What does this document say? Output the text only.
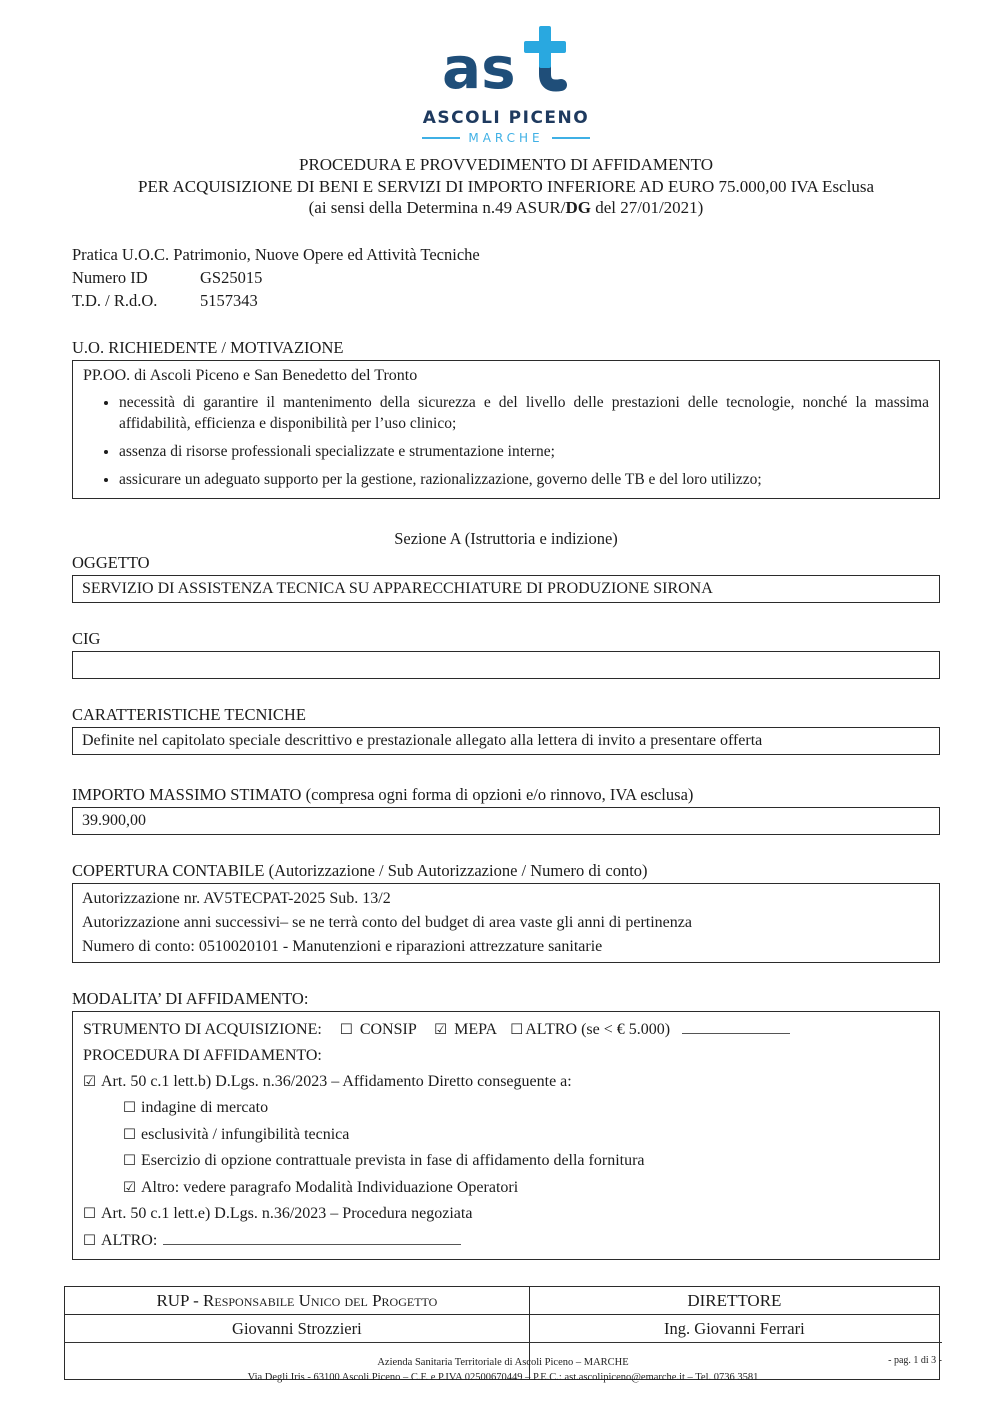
as
ASCOLI PICENO
MARCHE
PROCEDURA E PROVVEDIMENTO DI AFFIDAMENTO
PER ACQUISIZIONE DI BENI E SERVIZI DI IMPORTO INFERIORE AD EURO 75.000,00 IVA Esclusa
(ai sensi della Determina n.49 ASUR/DG del 27/01/2021)
Pratica U.O.C. Patrimonio, Nuove Opere ed Attività Tecniche
Numero ID	GS25015
T.D. / R.d.O.	5157343
U.O. RICHIEDENTE / MOTIVAZIONE
PP.OO. di Ascoli Piceno e San Benedetto del Tronto
• necessità di garantire il mantenimento della sicurezza e del livello delle prestazioni delle tecnologie, nonché la massima affidabilità, efficienza e disponibilità per l’uso clinico;
• assenza di risorse professionali specializzate e strumentazione interne;
• assicurare un adeguato supporto per la gestione, razionalizzazione, governo delle TB e del loro utilizzo;
Sezione A (Istruttoria e indizione)
OGGETTO
SERVIZIO DI ASSISTENZA TECNICA SU APPARECCHIATURE DI PRODUZIONE SIRONA
CIG
CARATTERISTICHE TECNICHE
Definite nel capitolato speciale descrittivo e prestazionale allegato alla lettera di invito a presentare offerta
IMPORTO MASSIMO STIMATO (compresa ogni forma di opzioni e/o rinnovo, IVA esclusa)
39.900,00
COPERTURA CONTABILE (Autorizzazione / Sub Autorizzazione / Numero di conto)
Autorizzazione nr. AV5TECPAT-2025 Sub. 13/2
Autorizzazione anni successivi– se ne terrà conto del budget di area vaste gli anni di pertinenza
Numero di conto: 0510020101 - Manutenzioni e riparazioni attrezzature sanitarie
MODALITA’ DI AFFIDAMENTO:
STRUMENTO DI ACQUISIZIONE: ☐ CONSIP ☑ MEPA ☐ ALTRO (se < € 5.000)
PROCEDURA DI AFFIDAMENTO:
☑ Art. 50 c.1 lett.b) D.Lgs. n.36/2023 – Affidamento Diretto conseguente a:
☐ indagine di mercato
☐ esclusività / infungibilità tecnica
☐ Esercizio di opzione contrattuale prevista in fase di affidamento della fornitura
☑ Altro: vedere paragrafo Modalità Individuazione Operatori
☐ Art. 50 c.1 lett.e) D.Lgs. n.36/2023 – Procedura negoziata
☐ ALTRO:
RUP - Responsabile Unico del Progetto	DIRETTORE
Giovanni Strozzieri	Ing. Giovanni Ferrari
Azienda Sanitaria Territoriale di Ascoli Piceno – MARCHE
Via Degli Iris - 63100 Ascoli Piceno – C.F. e P.IVA 02500670449 – P.E.C.: ast.ascolipiceno@emarche.it – Tel. 0736 3581
- pag. 1 di 3 -
